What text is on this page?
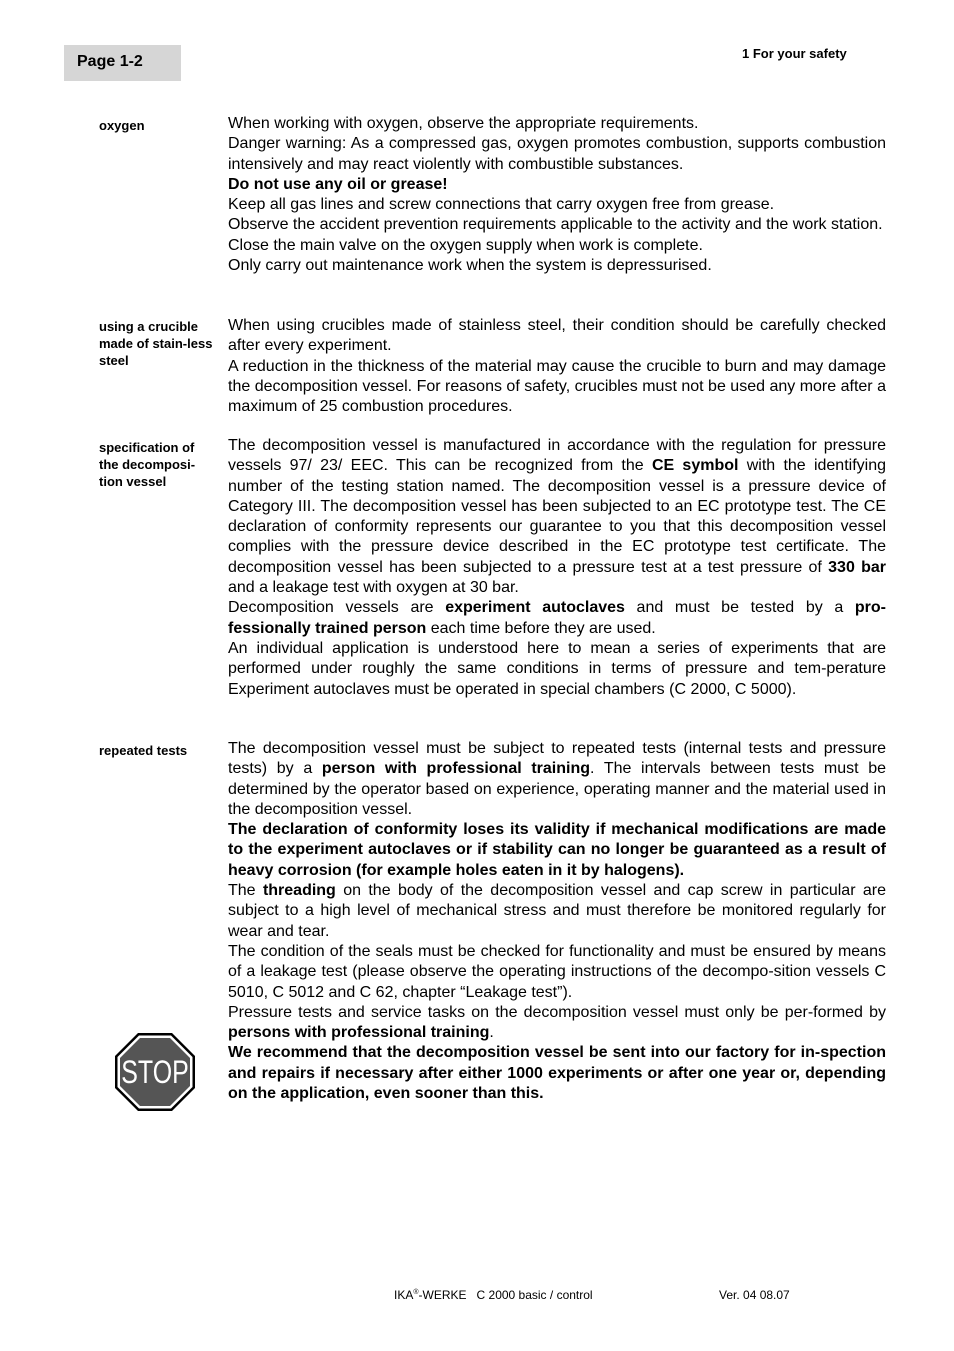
Page 1-2	1 For your safety
oxygen	When working with oxygen, observe the appropriate requirements.

Danger warning: As a compressed gas, oxygen promotes combustion, supports combustion intensively and may react violently with combustible substances.

Do not use any oil or grease!

Keep all gas lines and screw connections that carry oxygen free from grease.

Observe the accident prevention requirements applicable to the activity and the work station.

Close the main valve on the oxygen supply when work is complete.

Only carry out maintenance work when the system is depressurised.

using a crucible made of stain-less steel

When using crucibles made of stainless steel, their condition should be carefully checked after every experiment.

A reduction in the thickness of the material may cause the crucible to burn and may damage the decomposition vessel. For reasons of safety, crucibles must not be used any more after a maximum of 25 combustion procedures.

specification of the decomposi-tion vessel

The decomposition vessel is manufactured in accordance with the regulation for pressure vessels 97/ 23/ EEC. This can be recognized from the CE symbol with the identifying number of the testing station named. The decomposition vessel is a pressure device of Category III. The decomposition vessel has been subjected to an EC prototype test. The CE declaration of conformity represents our guarantee to you that this decomposition vessel complies with the pressure device described in the EC prototype test certificate. The decomposition vessel has been subjected to a pressure test at a test pressure of 330 bar and a leakage test with oxygen at 30 bar.

Decomposition vessels are experiment autoclaves and must be tested by a pro-fessionally trained person each time before they are used.

An individual application is understood here to mean a series of experiments that are performed under roughly the same conditions in terms of pressure and tem-perature Experiment autoclaves must be operated in special chambers (C 2000, C 5000).

repeated tests	The decomposition vessel must be subject to repeated tests (internal tests and pressure tests) by a person with professional training. The intervals between tests must be determined by the operator based on experience, operating manner and the material used in the decomposition vessel.

The declaration of conformity loses its validity if mechanical modifications are made to the experiment autoclaves or if stability can no longer be guaranteed as a result of heavy corrosion (for example holes eaten in it by halogens).

The threading on the body of the decomposition vessel and cap screw in particular are subject to a high level of mechanical stress and must therefore be monitored regularly for wear and tear.

The condition of the seals must be checked for functionality and must be ensured by means of a leakage test (please observe the operating instructions of the decompo-sition vessels C 5010, C 5012 and C 62, chapter “Leakage test”).

Pressure tests and service tasks on the decomposition vessel must only be per-formed by persons with professional training.

We recommend that the decomposition vessel be sent into our factory for in-spection and repairs if necessary after either 1000 experiments or after one year or, depending on the application, even sooner than this.

STOP
IKA®-WERKE   C 2000 basic / control	Ver. 04 08.07
